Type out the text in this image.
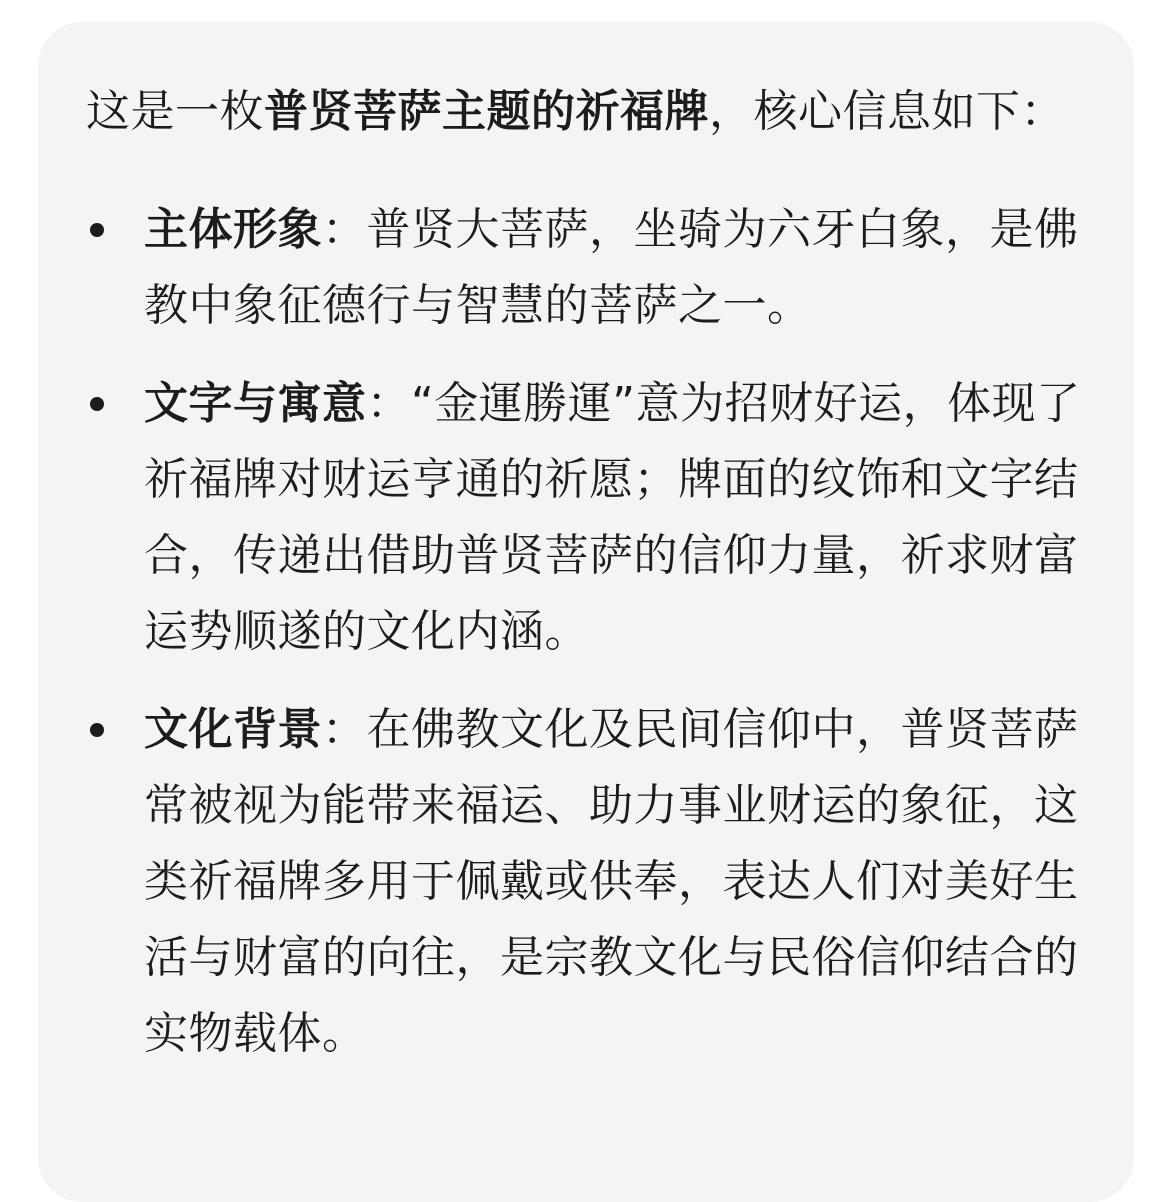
这是一枚普贤菩萨主题的祈福牌，核心信息如下：

主体形象：普贤大菩萨，坐骑为六牙白象，是佛教中象征德行与智慧的菩萨之一。
文字与寓意：“金運勝運”意为招财好运，体现了祈福牌对财运亨通的祈愿；牌面的纹饰和文字结合，传递出借助普贤菩萨的信仰力量，祈求财富运势顺遂的文化内涵。
文化背景：在佛教文化及民间信仰中，普贤菩萨常被视为能带来福运、助力事业财运的象征，这类祈福牌多用于佩戴或供奉，表达人们对美好生活与财富的向往，是宗教文化与民俗信仰结合的实物载体。
